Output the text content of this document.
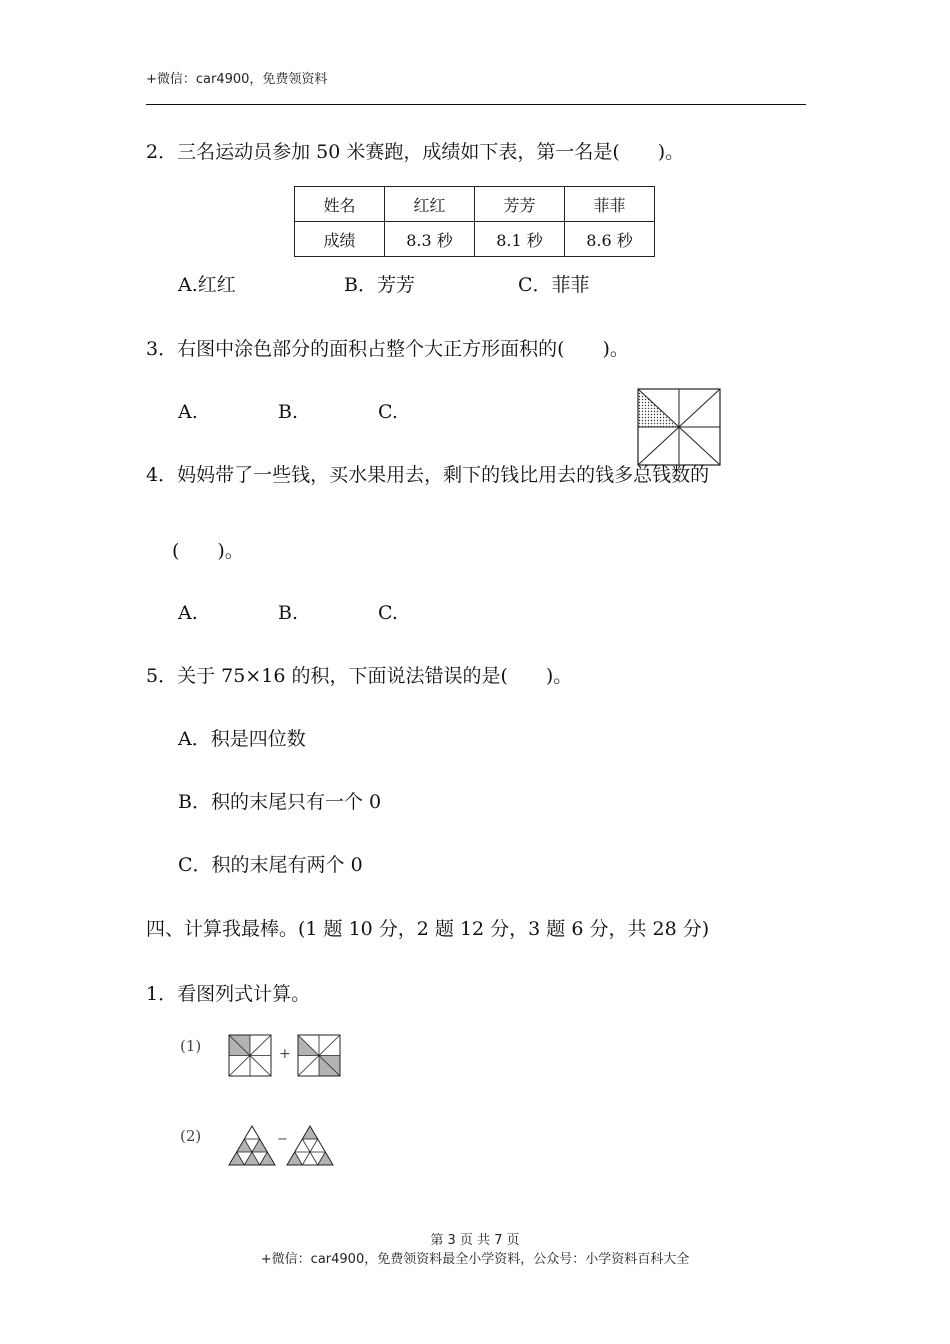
+微信：car4900，免费领资料
2．三名运动员参加 50 米赛跑，成绩如下表，第一名是(　　)。
姓名	红红	芳芳	菲菲
成绩	8.3 秒	8.1 秒	8.6 秒
A.红红	B．芳芳	C．菲菲
3．右图中涂色部分的面积占整个大正方形面积的(　　)。
A.	B.	C.
4．妈妈带了一些钱，买水果用去，剩下的钱比用去的钱多总钱数的
(　　)。
A.	B.	C.
5．关于 75×16 的积，下面说法错误的是(　　)。
A．积是四位数
B．积的末尾只有一个 0
C．积的末尾有两个 0
四、计算我最棒。(1 题 10 分，2 题 12 分，3 题 6 分，共 28 分)
1．看图列式计算。
(1)	+
(2)	−
第 3 页 共 7 页
+微信：car4900，免费领资料最全小学资料，公众号：小学资料百科大全
